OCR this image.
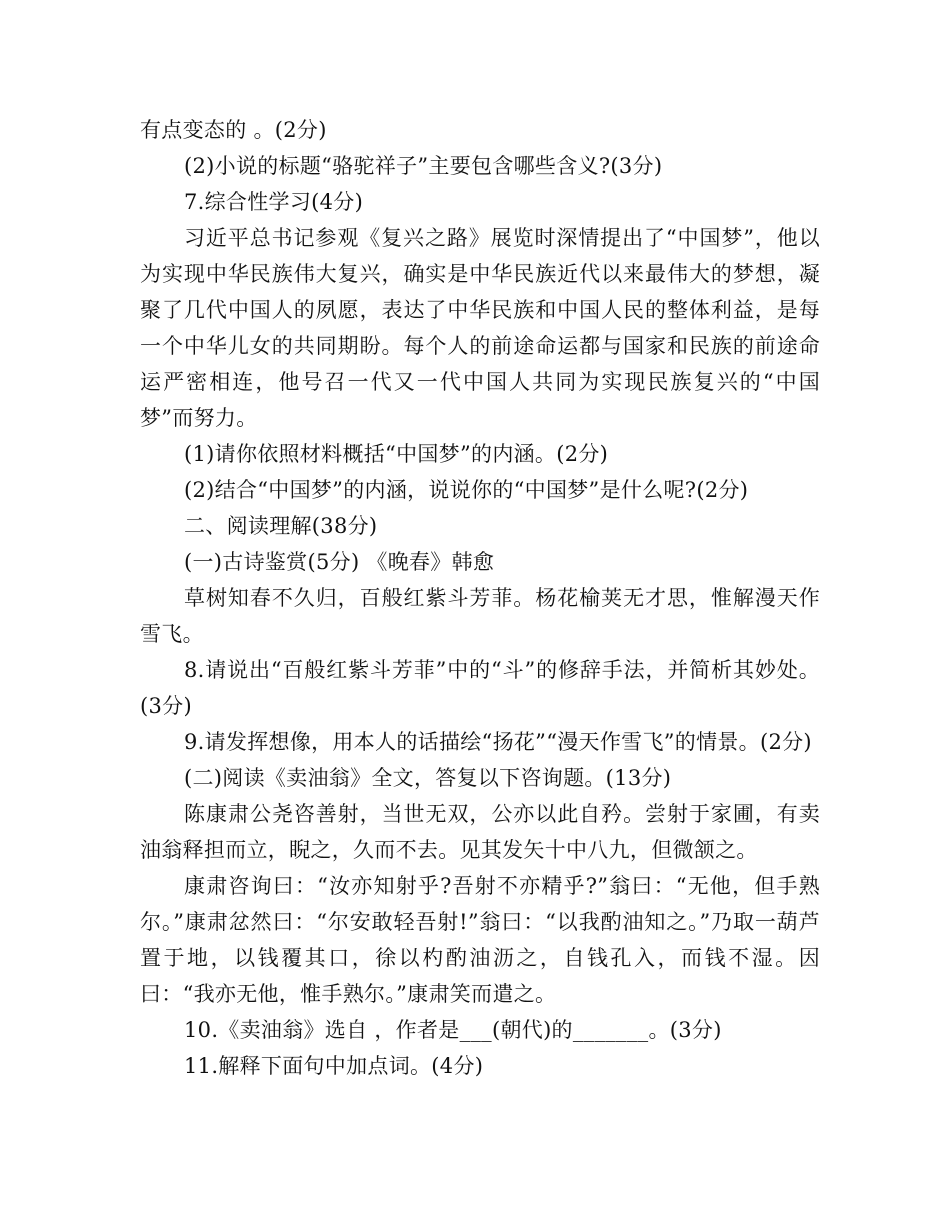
有点变态的 。(2分)

(2)小说的标题“骆驼祥子”主要包含哪些含义?(3分)

7.综合性学习(4分)

习近平总书记参观《复兴之路》展览时深情提出了“中国梦”，他以为实现中华民族伟大复兴，确实是中华民族近代以来最伟大的梦想，凝聚了几代中国人的夙愿，表达了中华民族和中国人民的整体利益，是每一个中华儿女的共同期盼。每个人的前途命运都与国家和民族的前途命运严密相连，他号召一代又一代中国人共同为实现民族复兴的“中国梦”而努力。

(1)请你依照材料概括“中国梦”的内涵。(2分)

(2)结合“中国梦”的内涵，说说你的“中国梦”是什么呢?(2分)

二、阅读理解(38分)

(一)古诗鉴赏(5分) 《晚春》韩愈

草树知春不久归，百般红紫斗芳菲。杨花榆荚无才思，惟解漫天作雪飞。

8.请说出“百般红紫斗芳菲”中的“斗”的修辞手法，并简析其妙处。(3分)

9.请发挥想像，用本人的话描绘“扬花”“漫天作雪飞”的情景。(2分)

(二)阅读《卖油翁》全文，答复以下咨询题。(13分)

陈康肃公尧咨善射，当世无双，公亦以此自矜。尝射于家圃，有卖油翁释担而立，睨之，久而不去。见其发矢十中八九，但微颔之。

康肃咨询曰：“汝亦知射乎?吾射不亦精乎?”翁曰：“无他，但手熟尔。”康肃忿然曰：“尔安敢轻吾射!”翁曰：“以我酌油知之。”乃取一葫芦置于地，以钱覆其口，徐以杓酌油沥之，自钱孔入，而钱不湿。因曰：“我亦无他，惟手熟尔。”康肃笑而遣之。

10.《卖油翁》选自 ，作者是___(朝代)的_______。(3分)

11.解释下面句中加点词。(4分)
